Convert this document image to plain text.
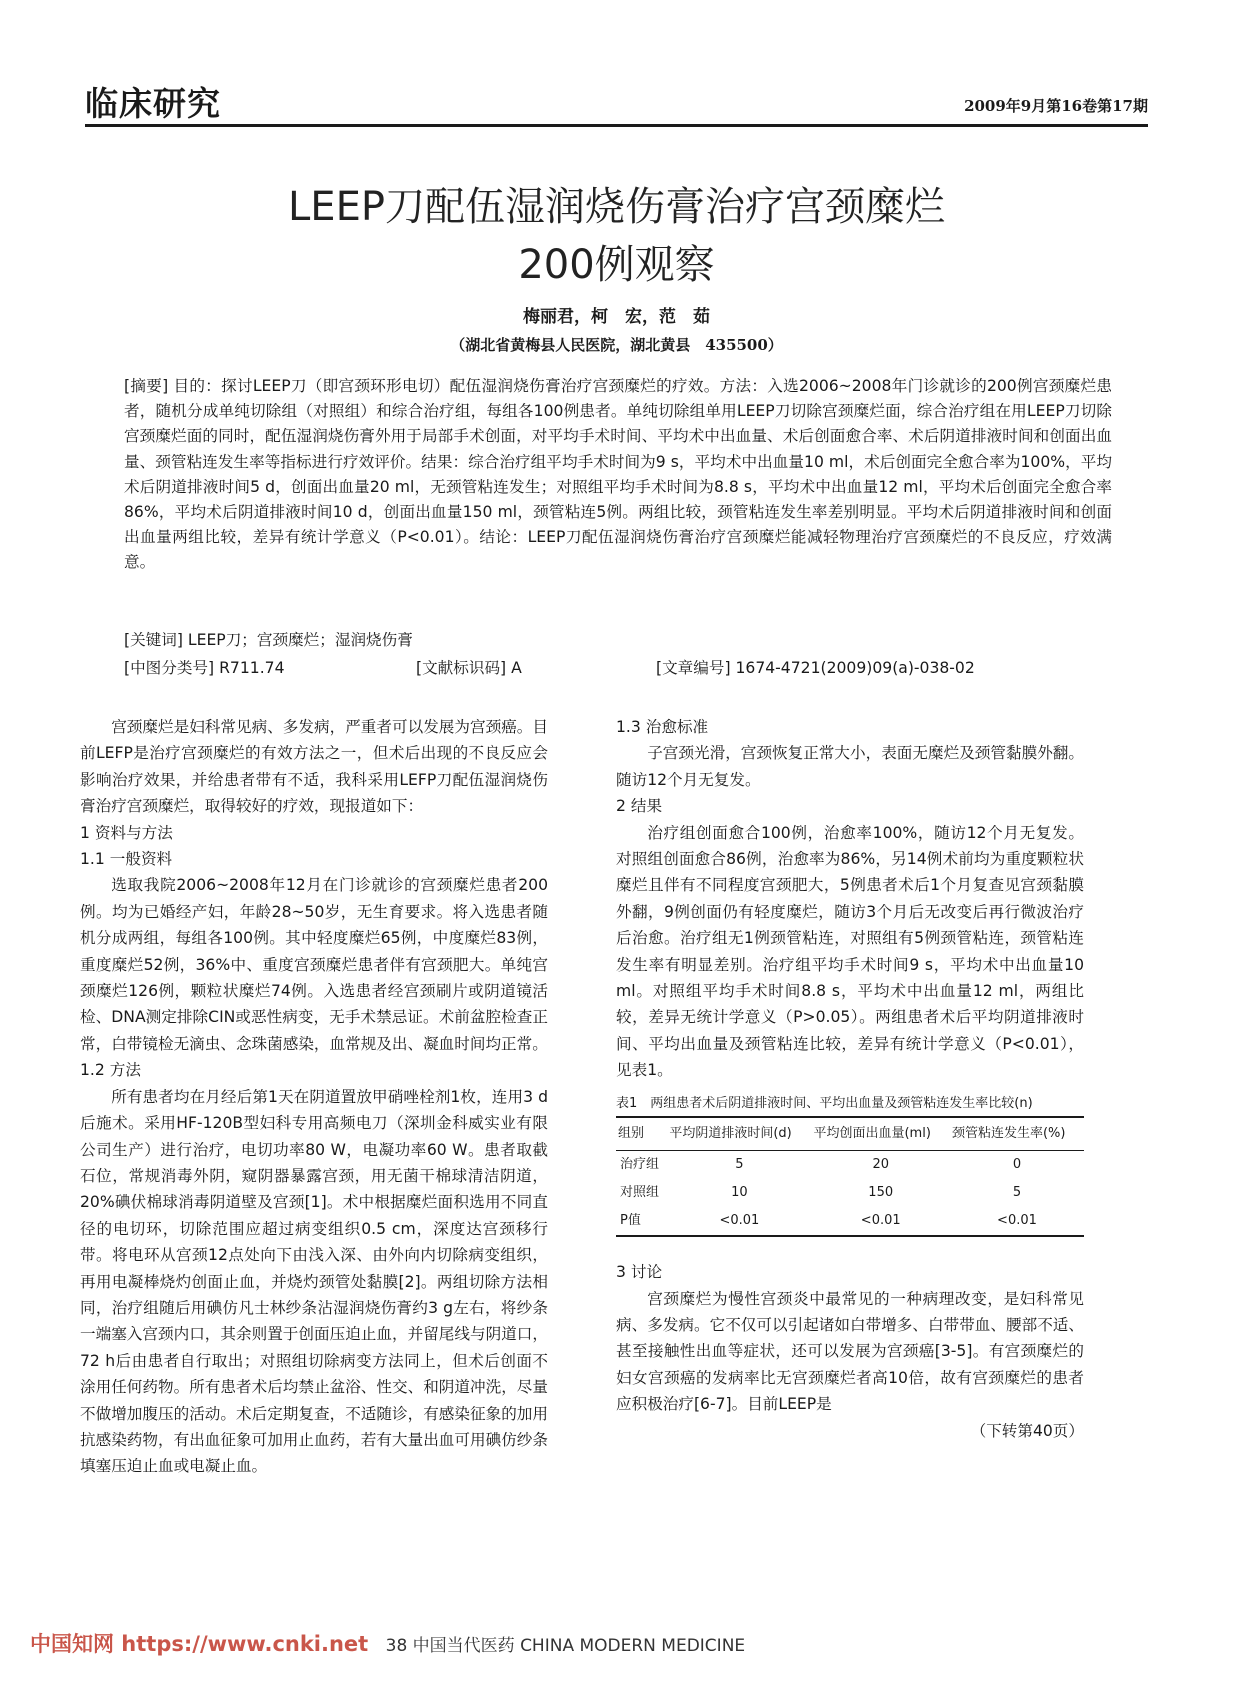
临床研究	2009年9月第16卷第17期
LEEP刀配伍湿润烧伤膏治疗宫颈糜烂
200例观察
梅丽君，柯　宏，范　茹
（湖北省黄梅县人民医院，湖北黄县　435500）

[摘要] 目的：探讨LEEP刀（即宫颈环形电切）配伍湿润烧伤膏治疗宫颈糜烂的疗效。方法：入选2006~2008年门诊就诊的200例宫颈糜烂患者，随机分成单纯切除组（对照组）和综合治疗组，每组各100例患者。单纯切除组单用LEEP刀切除宫颈糜烂面，综合治疗组在用LEEP刀切除宫颈糜烂面的同时，配伍湿润烧伤膏外用于局部手术创面，对平均手术时间、平均术中出血量、术后创面愈合率、术后阴道排液时间和创面出血量、颈管粘连发生率等指标进行疗效评价。结果：综合治疗组平均手术时间为9 s，平均术中出血量10 ml，术后创面完全愈合率为100%，平均术后阴道排液时间5 d，创面出血量20 ml，无颈管粘连发生；对照组平均手术时间为8.8 s，平均术中出血量12 ml，平均术后创面完全愈合率86%，平均术后阴道排液时间10 d，创面出血量150 ml，颈管粘连5例。两组比较，颈管粘连发生率差别明显。平均术后阴道排液时间和创面出血量两组比较，差异有统计学意义（P<0.01）。结论：LEEP刀配伍湿润烧伤膏治疗宫颈糜烂能减轻物理治疗宫颈糜烂的不良反应，疗效满意。

[关键词] LEEP刀；宫颈糜烂；湿润烧伤膏
[中图分类号] R711.74	[文献标识码] A	[文章编号] 1674-4721(2009)09(a)-038-02

宫颈糜烂是妇科常见病、多发病，严重者可以发展为宫颈癌。目前LEFP是治疗宫颈糜烂的有效方法之一，但术后出现的不良反应会影响治疗效果，并给患者带有不适，我科采用LEFP刀配伍湿润烧伤膏治疗宫颈糜烂，取得较好的疗效，现报道如下：

1 资料与方法
1.1 一般资料

选取我院2006~2008年12月在门诊就诊的宫颈糜烂患者200例。均为已婚经产妇，年龄28~50岁，无生育要求。将入选患者随机分成两组，每组各100例。其中轻度糜烂65例，中度糜烂83例，重度糜烂52例，36%中、重度宫颈糜烂患者伴有宫颈肥大。单纯宫颈糜烂126例，颗粒状糜烂74例。入选患者经宫颈刷片或阴道镜活检、DNA测定排除CIN或恶性病变，无手术禁忌证。术前盆腔检查正常，白带镜检无滴虫、念珠菌感染，血常规及出、凝血时间均正常。

1.2 方法

所有患者均在月经后第1天在阴道置放甲硝唑栓剂1枚，连用3 d后施术。采用HF-120B型妇科专用高频电刀（深圳金科威实业有限公司生产）进行治疗，电切功率80 W，电凝功率60 W。患者取截石位，常规消毒外阴，窥阴器暴露宫颈，用无菌干棉球清洁阴道，20%碘伏棉球消毒阴道壁及宫颈[1]。术中根据糜烂面积选用不同直径的电切环，切除范围应超过病变组织0.5 cm，深度达宫颈移行带。将电环从宫颈12点处向下由浅入深、由外向内切除病变组织，再用电凝棒烧灼创面止血，并烧灼颈管处黏膜[2]。两组切除方法相同，治疗组随后用碘仿凡士林纱条沾湿润烧伤膏约3 g左右，将纱条一端塞入宫颈内口，其余则置于创面压迫止血，并留尾线与阴道口，72 h后由患者自行取出；对照组切除病变方法同上，但术后创面不涂用任何药物。所有患者术后均禁止盆浴、性交、和阴道冲洗，尽量不做增加腹压的活动。术后定期复查，不适随诊，有感染征象的加用抗感染药物，有出血征象可加用止血药，若有大量出血可用碘仿纱条填塞压迫止血或电凝止血。

1.3 治愈标准

子宫颈光滑，宫颈恢复正常大小，表面无糜烂及颈管黏膜外翻。随访12个月无复发。

2 结果

治疗组创面愈合100例，治愈率100%，随访12个月无复发。对照组创面愈合86例，治愈率为86%，另14例术前均为重度颗粒状糜烂且伴有不同程度宫颈肥大，5例患者术后1个月复查见宫颈黏膜外翻，9例创面仍有轻度糜烂，随访3个月后无改变后再行微波治疗后治愈。治疗组无1例颈管粘连，对照组有5例颈管粘连，颈管粘连发生率有明显差别。治疗组平均手术时间9 s，平均术中出血量10 ml。对照组平均手术时间8.8 s，平均术中出血量12 ml，两组比较，差异无统计学意义（P>0.05）。两组患者术后平均阴道排液时间、平均出血量及颈管粘连比较，差异有统计学意义（P<0.01），见表1。

表1　两组患者术后阴道排液时间、平均出血量及颈管粘连发生率比较(n)
组别	平均阴道排液时间(d)	平均创面出血量(ml)	颈管粘连发生率(%)
治疗组	5	20	0
对照组	10	150	5
P值	<0.01	<0.01	<0.01
3 讨论

宫颈糜烂为慢性宫颈炎中最常见的一种病理改变，是妇科常见病、多发病。它不仅可以引起诸如白带增多、白带带血、腰部不适、甚至接触性出血等症状，还可以发展为宫颈癌[3-5]。有宫颈糜烂的妇女宫颈癌的发病率比无宫颈糜烂者高10倍，故有宫颈糜烂的患者应积极治疗[6-7]。目前LEEP是

（下转第40页）

中国知网 https://www.cnki.net 38 中国当代医药 CHINA MODERN MEDICINE
